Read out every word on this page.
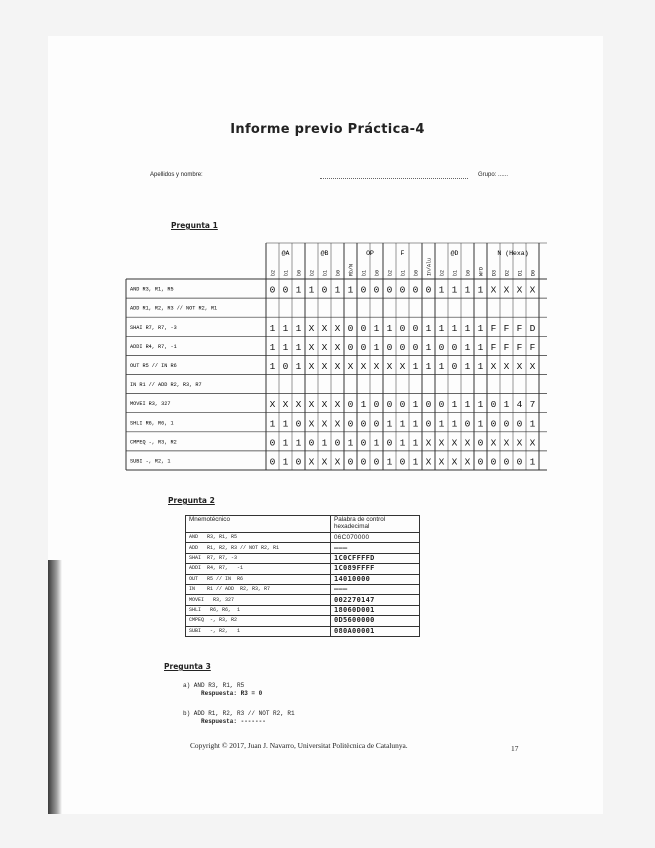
Informe previo Práctica-4
Apellidos y nombre:	Grupo: ......
Pregunta 1
@A	@B	OP	F	@D	N (Hexa)
b2 b1 b0 b2 b1 b0 Rb/N b1 b0 b2 b1 b0 In/Alu b2 b1 b0 WrD D3 D2 D1 D0
AND R3, R1, R5	0 0 1 1 0 1 1 0 0 0 0 0 0 1 1 1 1 X X X X
ADD R1, R2, R3 // NOT R2, R1
SHAI R7, R7, -3	1 1 1 X X X 0 0 1 1 0 0 1 1 1 1 1 F F F D
ADDI R4, R7, -1	1 1 1 X X X 0 0 1 0 0 0 1 0 0 1 1 F F F F
OUT R5 // IN R6	1 0 1 X X X X X X X X 1 1 1 0 1 1 X X X X
IN R1 // ADD R2, R3, R7
MOVEI R3, 327	X X X X X X 0 1 0 0 0 1 0 0 1 1 1 0 1 4 7
SHLI R6, R6, 1	1 1 0 X X X 0 0 0 1 1 1 0 1 1 0 1 0 0 0 1
CMPEQ -, R3, R2	0 1 1 0 1 0 1 0 1 0 1 1 X X X X 0 X X X X
SUBI -, R2, 1	0 1 0 X X X 0 0 0 1 0 1 X X X X 0 0 0 0 1
Pregunta 2
Mnemotécnico	Palabra de control hexadecimal
AND   R3, R1, R5	06C070000
ADD   R1, R2, R3 // NOT R2, R1	———
SHAI  R7, R7, -3	1C0CFFFFD
ADDI  R4, R7,   -1	1C089FFFF
OUT   R5 // IN  R6	14010000
IN    R1 // ADD  R2, R3, R7	———
MOVEI   R3, 327	002270147
SHLI   R6, R6,  1	18060D001
CMPEQ  -, R3, R2	0D5600000
SUBI   -, R2,   1	080A00001
Pregunta 3
a) AND R3, R1, R5
Respuesta: R3 = 0
b) ADD R1, R2, R3 // NOT R2, R1
Respuesta: -------
Copyright © 2017, Juan J. Navarro, Universitat Politècnica de Catalunya.	17
